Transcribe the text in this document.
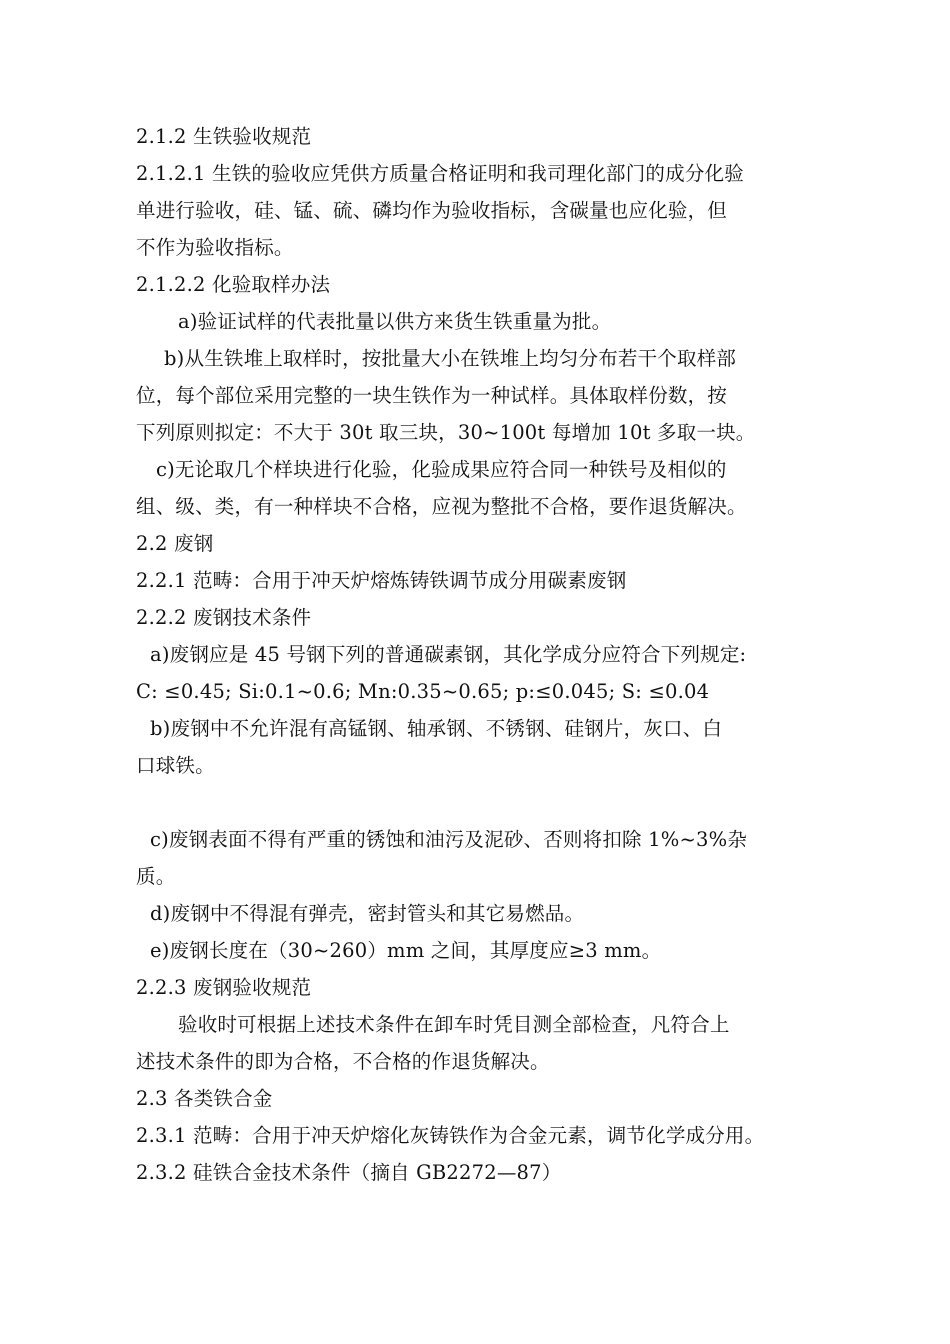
2.1.2 生铁验收规范
2.1.2.1 生铁的验收应凭供方质量合格证明和我司理化部门的成分化验
单进行验收，硅、锰、硫、磷均作为验收指标，含碳量也应化验，但
不作为验收指标。
2.1.2.2 化验取样办法
a)验证试样的代表批量以供方来货生铁重量为批。
b)从生铁堆上取样时，按批量大小在铁堆上均匀分布若干个取样部
位，每个部位采用完整的一块生铁作为一种试样。具体取样份数，按
下列原则拟定：不大于 30t 取三块，30~100t 每增加 10t 多取一块。
c)无论取几个样块进行化验，化验成果应符合同一种铁号及相似的
组、级、类，有一种样块不合格，应视为整批不合格，要作退货解决。
2.2 废钢
2.2.1 范畴：合用于冲天炉熔炼铸铁调节成分用碳素废钢
2.2.2 废钢技术条件
a)废钢应是 45 号钢下列的普通碳素钢，其化学成分应符合下列规定:
C: ≤0.45; Si:0.1~0.6; Mn:0.35~0.65; p:≤0.045; S: ≤0.04
b)废钢中不允许混有高锰钢、轴承钢、不锈钢、硅钢片，灰口、白
口球铁。
c)废钢表面不得有严重的锈蚀和油污及泥砂、否则将扣除 1%~3%杂
质。
d)废钢中不得混有弹壳，密封管头和其它易燃品。
e)废钢长度在（30~260）mm 之间，其厚度应≥3 mm。
2.2.3 废钢验收规范
验收时可根据上述技术条件在卸车时凭目测全部检查，凡符合上
述技术条件的即为合格，不合格的作退货解决。
2.3 各类铁合金
2.3.1 范畴：合用于冲天炉熔化灰铸铁作为合金元素，调节化学成分用。
2.3.2 硅铁合金技术条件（摘自 GB2272—87）
